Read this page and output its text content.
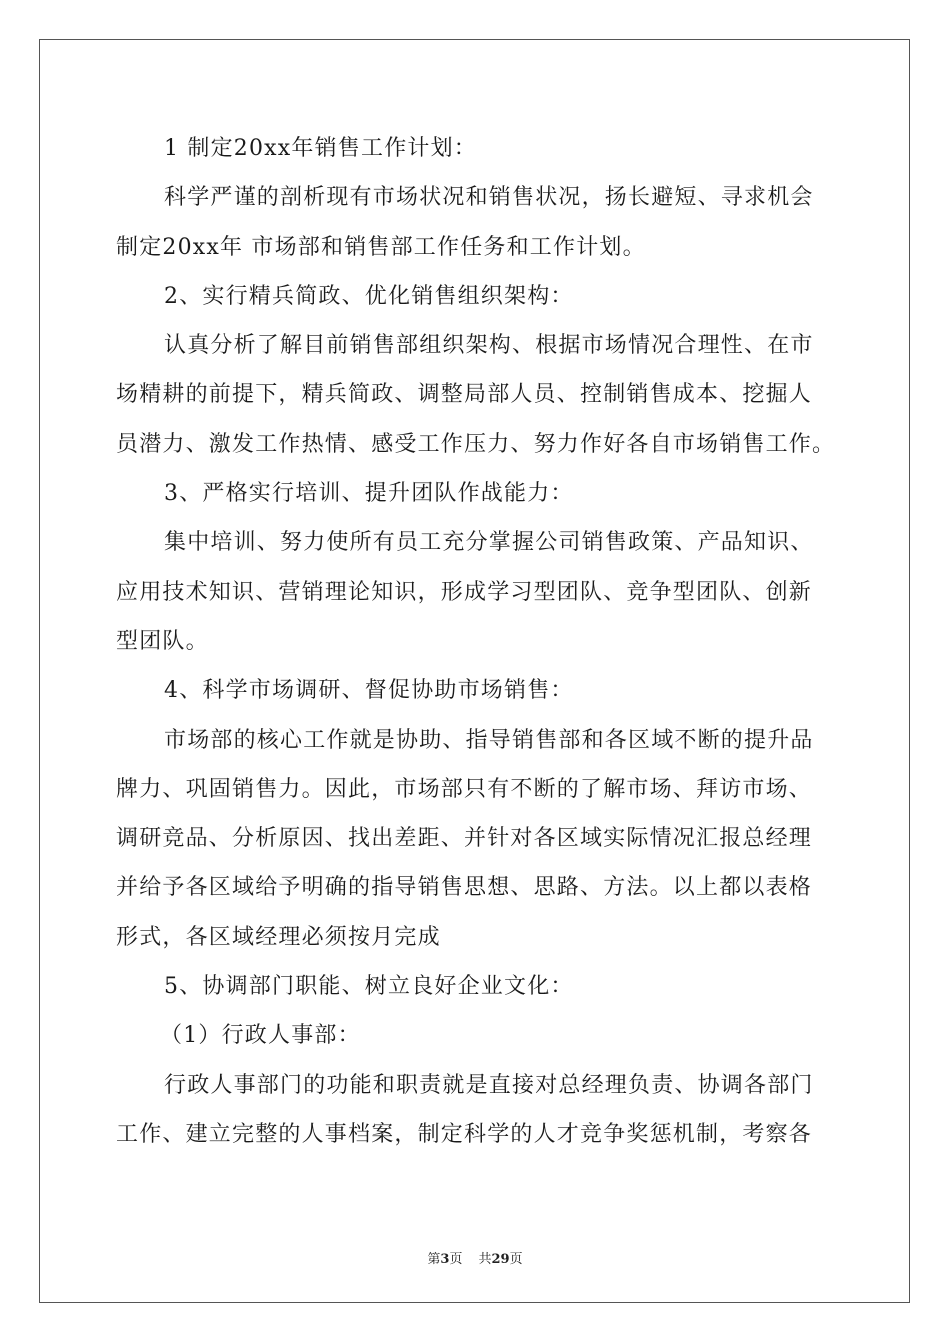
1 制定20xx年销售工作计划：
科学严谨的剖析现有市场状况和销售状况，扬长避短、寻求机会
制定20xx年 市场部和销售部工作任务和工作计划。
2、实行精兵简政、优化销售组织架构：
认真分析了解目前销售部组织架构、根据市场情况合理性、在市
场精耕的前提下，精兵简政、调整局部人员、控制销售成本、挖掘人
员潜力、激发工作热情、感受工作压力、努力作好各自市场销售工作。
3、严格实行培训、提升团队作战能力：
集中培训、努力使所有员工充分掌握公司销售政策、产品知识、
应用技术知识、营销理论知识，形成学习型团队、竞争型团队、创新
型团队。
4、科学市场调研、督促协助市场销售：
市场部的核心工作就是协助、指导销售部和各区域不断的提升品
牌力、巩固销售力。因此，市场部只有不断的了解市场、拜访市场、
调研竞品、分析原因、找出差距、并针对各区域实际情况汇报总经理
并给予各区域给予明确的指导销售思想、思路、方法。以上都以表格
形式，各区域经理必须按月完成
5、协调部门职能、树立良好企业文化：
（1）行政人事部：
行政人事部门的功能和职责就是直接对总经理负责、协调各部门
工作、建立完整的人事档案，制定科学的人才竞争奖惩机制，考察各
第3页 共29页
